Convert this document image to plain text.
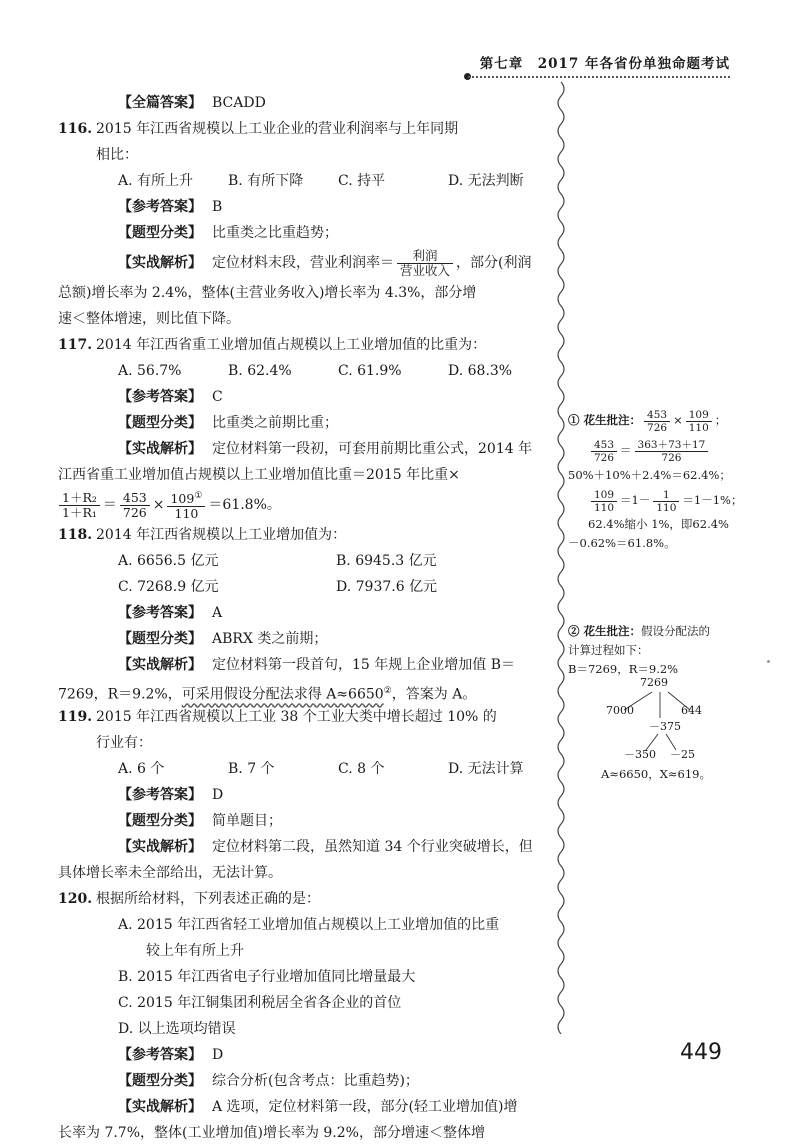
第七章　2017 年各省份单独命题考试
【全篇答案】 BCADD
116. 2015 年江西省规模以上工业企业的营业利润率与上年同期
相比：
A. 有所上升 B. 有所下降 C. 持平	D. 无法判断
【参考答案】 B
【题型分类】 比重类之比重趋势；
【实战解析】 定位材料末段，营业利润率＝ $\frac{\text{利润}}{\text{营业收入}}$ ，部分(利润
总额)增长率为 2.4%，整体(主营业务收入)增长率为 4.3%，部分增
速＜整体增速，则比值下降。
117. 2014 年江西省重工业增加值占规模以上工业增加值的比重为：
A. 56.7%	B. 62.4%	C. 61.9%	D. 68.3%
【参考答案】 C
【题型分类】 比重类之前期比重；
【实战解析】 定位材料第一段初，可套用前期比重公式，2014 年
江西省重工业增加值占规模以上工业增加值比重＝2015 年比重×
$\frac{\text{1＋R₂}}{\text{1＋R₁}} = \frac{453}{726} \times \frac{109^①}{110} =61.8\%$。
118. 2014 年江西省规模以上工业增加值为：
A. 6656.5 亿元	B. 6945.3 亿元
C. 7268.9 亿元	D. 7937.6 亿元
【参考答案】 A
【题型分类】 ABRX 类之前期；
【实战解析】 定位材料第一段首句，15 年规上企业增加值 B＝
7269，R＝9.2%，可采用假设分配法求得 A≈6650②，答案为 A。
119. 2015 年江西省规模以上工业 38 个工业大类中增长超过 10% 的
行业有：
A. 6 个	B. 7 个	C. 8 个	D. 无法计算
【参考答案】 D
【题型分类】 简单题目；
【实战解析】 定位材料第二段，虽然知道 34 个行业突破增长，但
具体增长率未全部给出，无法计算。
120. 根据所给材料，下列表述正确的是：
A. 2015 年江西省轻工业增加值占规模以上工业增加值的比重
较上年有所上升
B. 2015 年江西省电子行业增加值同比增量最大
C. 2015 年江铜集团利税居全省各企业的首位
D. 以上选项均错误
【参考答案】 D
【题型分类】 综合分析(包含考点：比重趋势)；
【实战解析】 A 选项，定位材料第一段，部分(轻工业增加值)增
长率为 7.7%，整体(工业增加值)增长率为 9.2%，部分增速＜整体增
① 花生批注： $\frac{453}{726} \times \frac{109}{110}$ ；
$\frac{453}{726} = \frac{363+73+17}{726}$
50%＋10%＋2.4%＝62.4%；
$\frac{109}{110} =1- \frac{1}{110} =1-1\%$；
62.4%缩小 1%，即62.4%
－0.62%＝61.8%。
② 花生批注：假设分配法的
计算过程如下：
B＝7269，R＝9.2%
7269
7000	644
－375
－350 －25
A≈6650，X≈619。
449
